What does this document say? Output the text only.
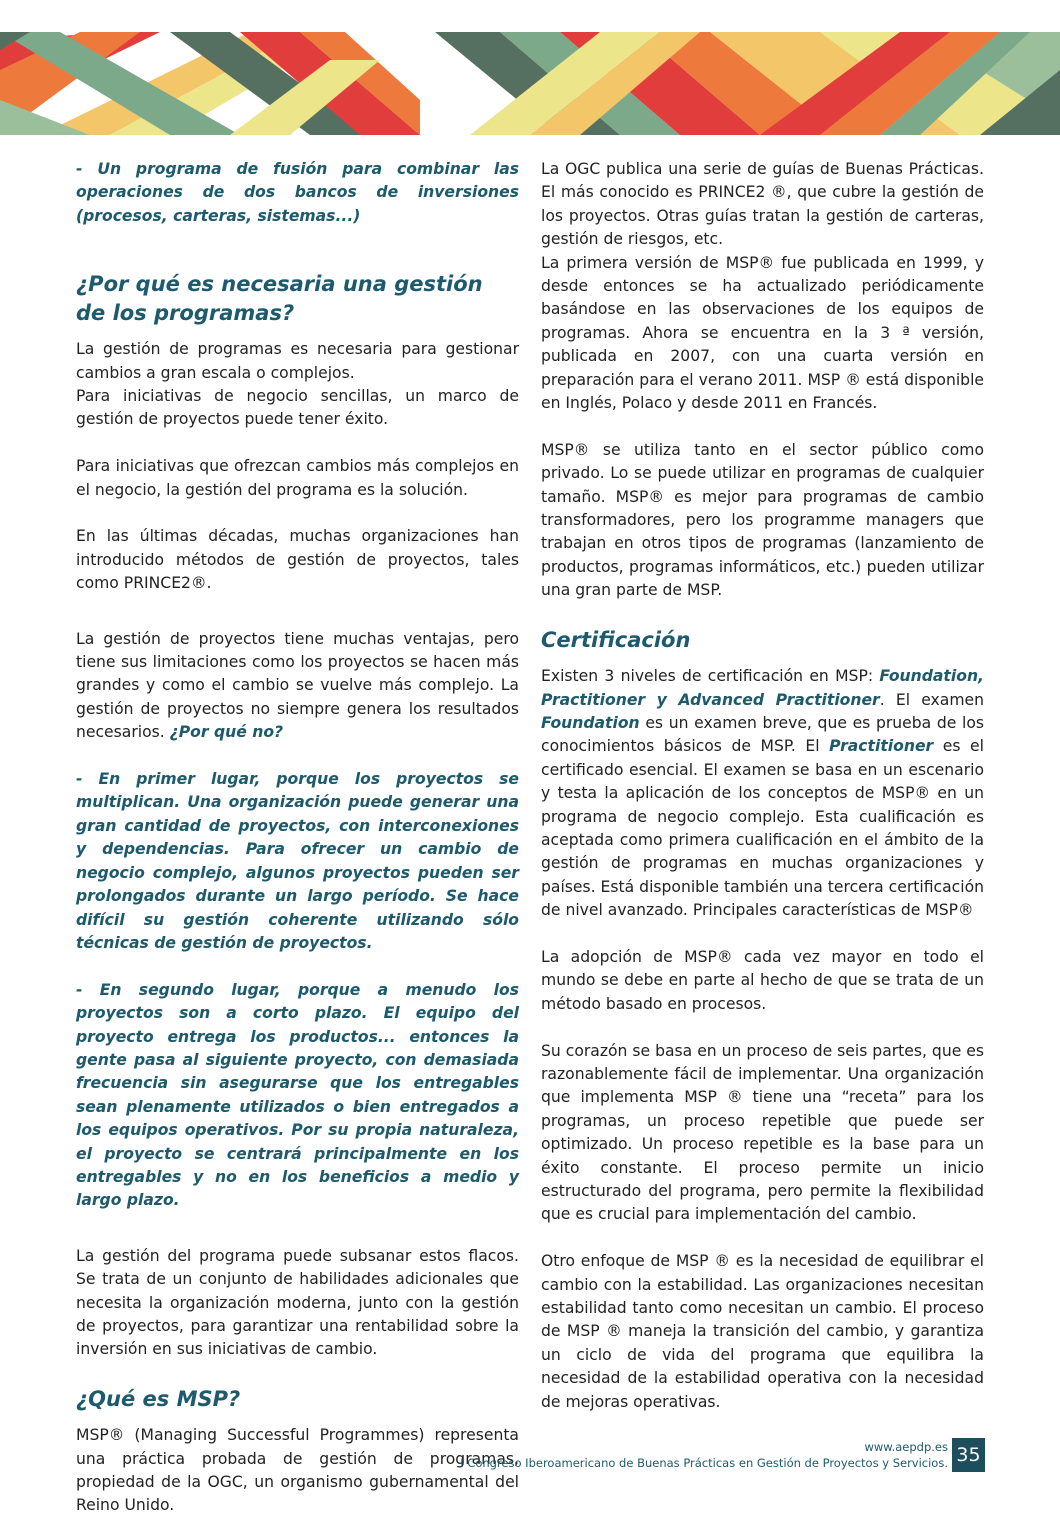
- Un programa de fusión para combinar las operaciones de dos bancos de inversiones (procesos, carteras, sistemas...)

¿Por qué es necesaria una gestión de los programas?

La gestión de programas es necesaria para gestionar cambios a gran escala o complejos.

Para iniciativas de negocio sencillas, un marco de gestión de proyectos puede tener éxito.

Para iniciativas que ofrezcan cambios más complejos en el negocio, la gestión del programa es la solución.

En las últimas décadas, muchas organizaciones han introducido métodos de gestión de proyectos, tales como PRINCE2®.

La gestión de proyectos tiene muchas ventajas, pero tiene sus limitaciones como los proyectos se hacen más grandes y como el cambio se vuelve más complejo. La gestión de proyectos no siempre genera los resultados necesarios. ¿Por qué no?

- En primer lugar, porque los proyectos se multiplican. Una organización puede generar una gran cantidad de proyectos, con interconexiones y dependencias. Para ofrecer un cambio de negocio complejo, algunos proyectos pueden ser prolongados durante un largo período. Se hace difícil su gestión coherente utilizando sólo técnicas de gestión de proyectos.

- En segundo lugar, porque a menudo los proyectos son a corto plazo. El equipo del proyecto entrega los productos... entonces la gente pasa al siguiente proyecto, con demasiada frecuencia sin asegurarse que los entregables sean plenamente utilizados o bien entregados a los equipos operativos. Por su propia naturaleza, el proyecto se centrará principalmente en los entregables y no en los beneficios a medio y largo plazo.

La gestión del programa puede subsanar estos flacos. Se trata de un conjunto de habilidades adicionales que necesita la organización moderna, junto con la gestión de proyectos, para garantizar una rentabilidad sobre la inversión en sus iniciativas de cambio.

¿Qué es MSP?

MSP® (Managing Successful Programmes) representa una práctica probada de gestión de programas, propiedad de la OGC, un organismo gubernamental del Reino Unido.

La OGC publica una serie de guías de Buenas Prácticas. El más conocido es PRINCE2 ®, que cubre la gestión de los proyectos. Otras guías tratan la gestión de carteras, gestión de riesgos, etc.

La primera versión de MSP® fue publicada en 1999, y desde entonces se ha actualizado periódicamente basándose en las observaciones de los equipos de programas. Ahora se encuentra en la 3 ª versión, publicada en 2007, con una cuarta versión en preparación para el verano 2011. MSP ® está disponible en Inglés, Polaco y desde 2011 en Francés.

MSP® se utiliza tanto en el sector público como privado. Lo se puede utilizar en programas de cualquier tamaño. MSP® es mejor para programas de cambio transformadores, pero los programme managers que trabajan en otros tipos de programas (lanzamiento de productos, programas informáticos, etc.) pueden utilizar una gran parte de MSP.

Certificación

Existen 3 niveles de certificación en MSP: Foundation, Practitioner y Advanced Practitioner. El examen Foundation es un examen breve, que es prueba de los conocimientos básicos de MSP. El Practitioner es el certificado esencial. El examen se basa en un escenario y testa la aplicación de los conceptos de MSP® en un programa de negocio complejo. Esta cualificación es aceptada como primera cualificación en el ámbito de la gestión de programas en muchas organizaciones y países. Está disponible también una tercera certificación de nivel avanzado. Principales características de MSP®

La adopción de MSP® cada vez mayor en todo el mundo se debe en parte al hecho de que se trata de un método basado en procesos.

Su corazón se basa en un proceso de seis partes, que es razonablemente fácil de implementar. Una organización que implementa MSP ® tiene una “receta” para los programas, un proceso repetible que puede ser optimizado. Un proceso repetible es la base para un éxito constante. El proceso permite un inicio estructurado del programa, pero permite la flexibilidad que es crucial para implementación del cambio.

Otro enfoque de MSP ® es la necesidad de equilibrar el cambio con la estabilidad. Las organizaciones necesitan estabilidad tanto como necesitan un cambio. El proceso de MSP ® maneja la transición del cambio, y garantiza un ciclo de vida del programa que equilibra la necesidad de la estabilidad operativa con la necesidad de mejoras operativas.

www.aepdp.es
I Congreso Iberoamericano de Buenas Prácticas en Gestión de Proyectos y Servicios. 35
